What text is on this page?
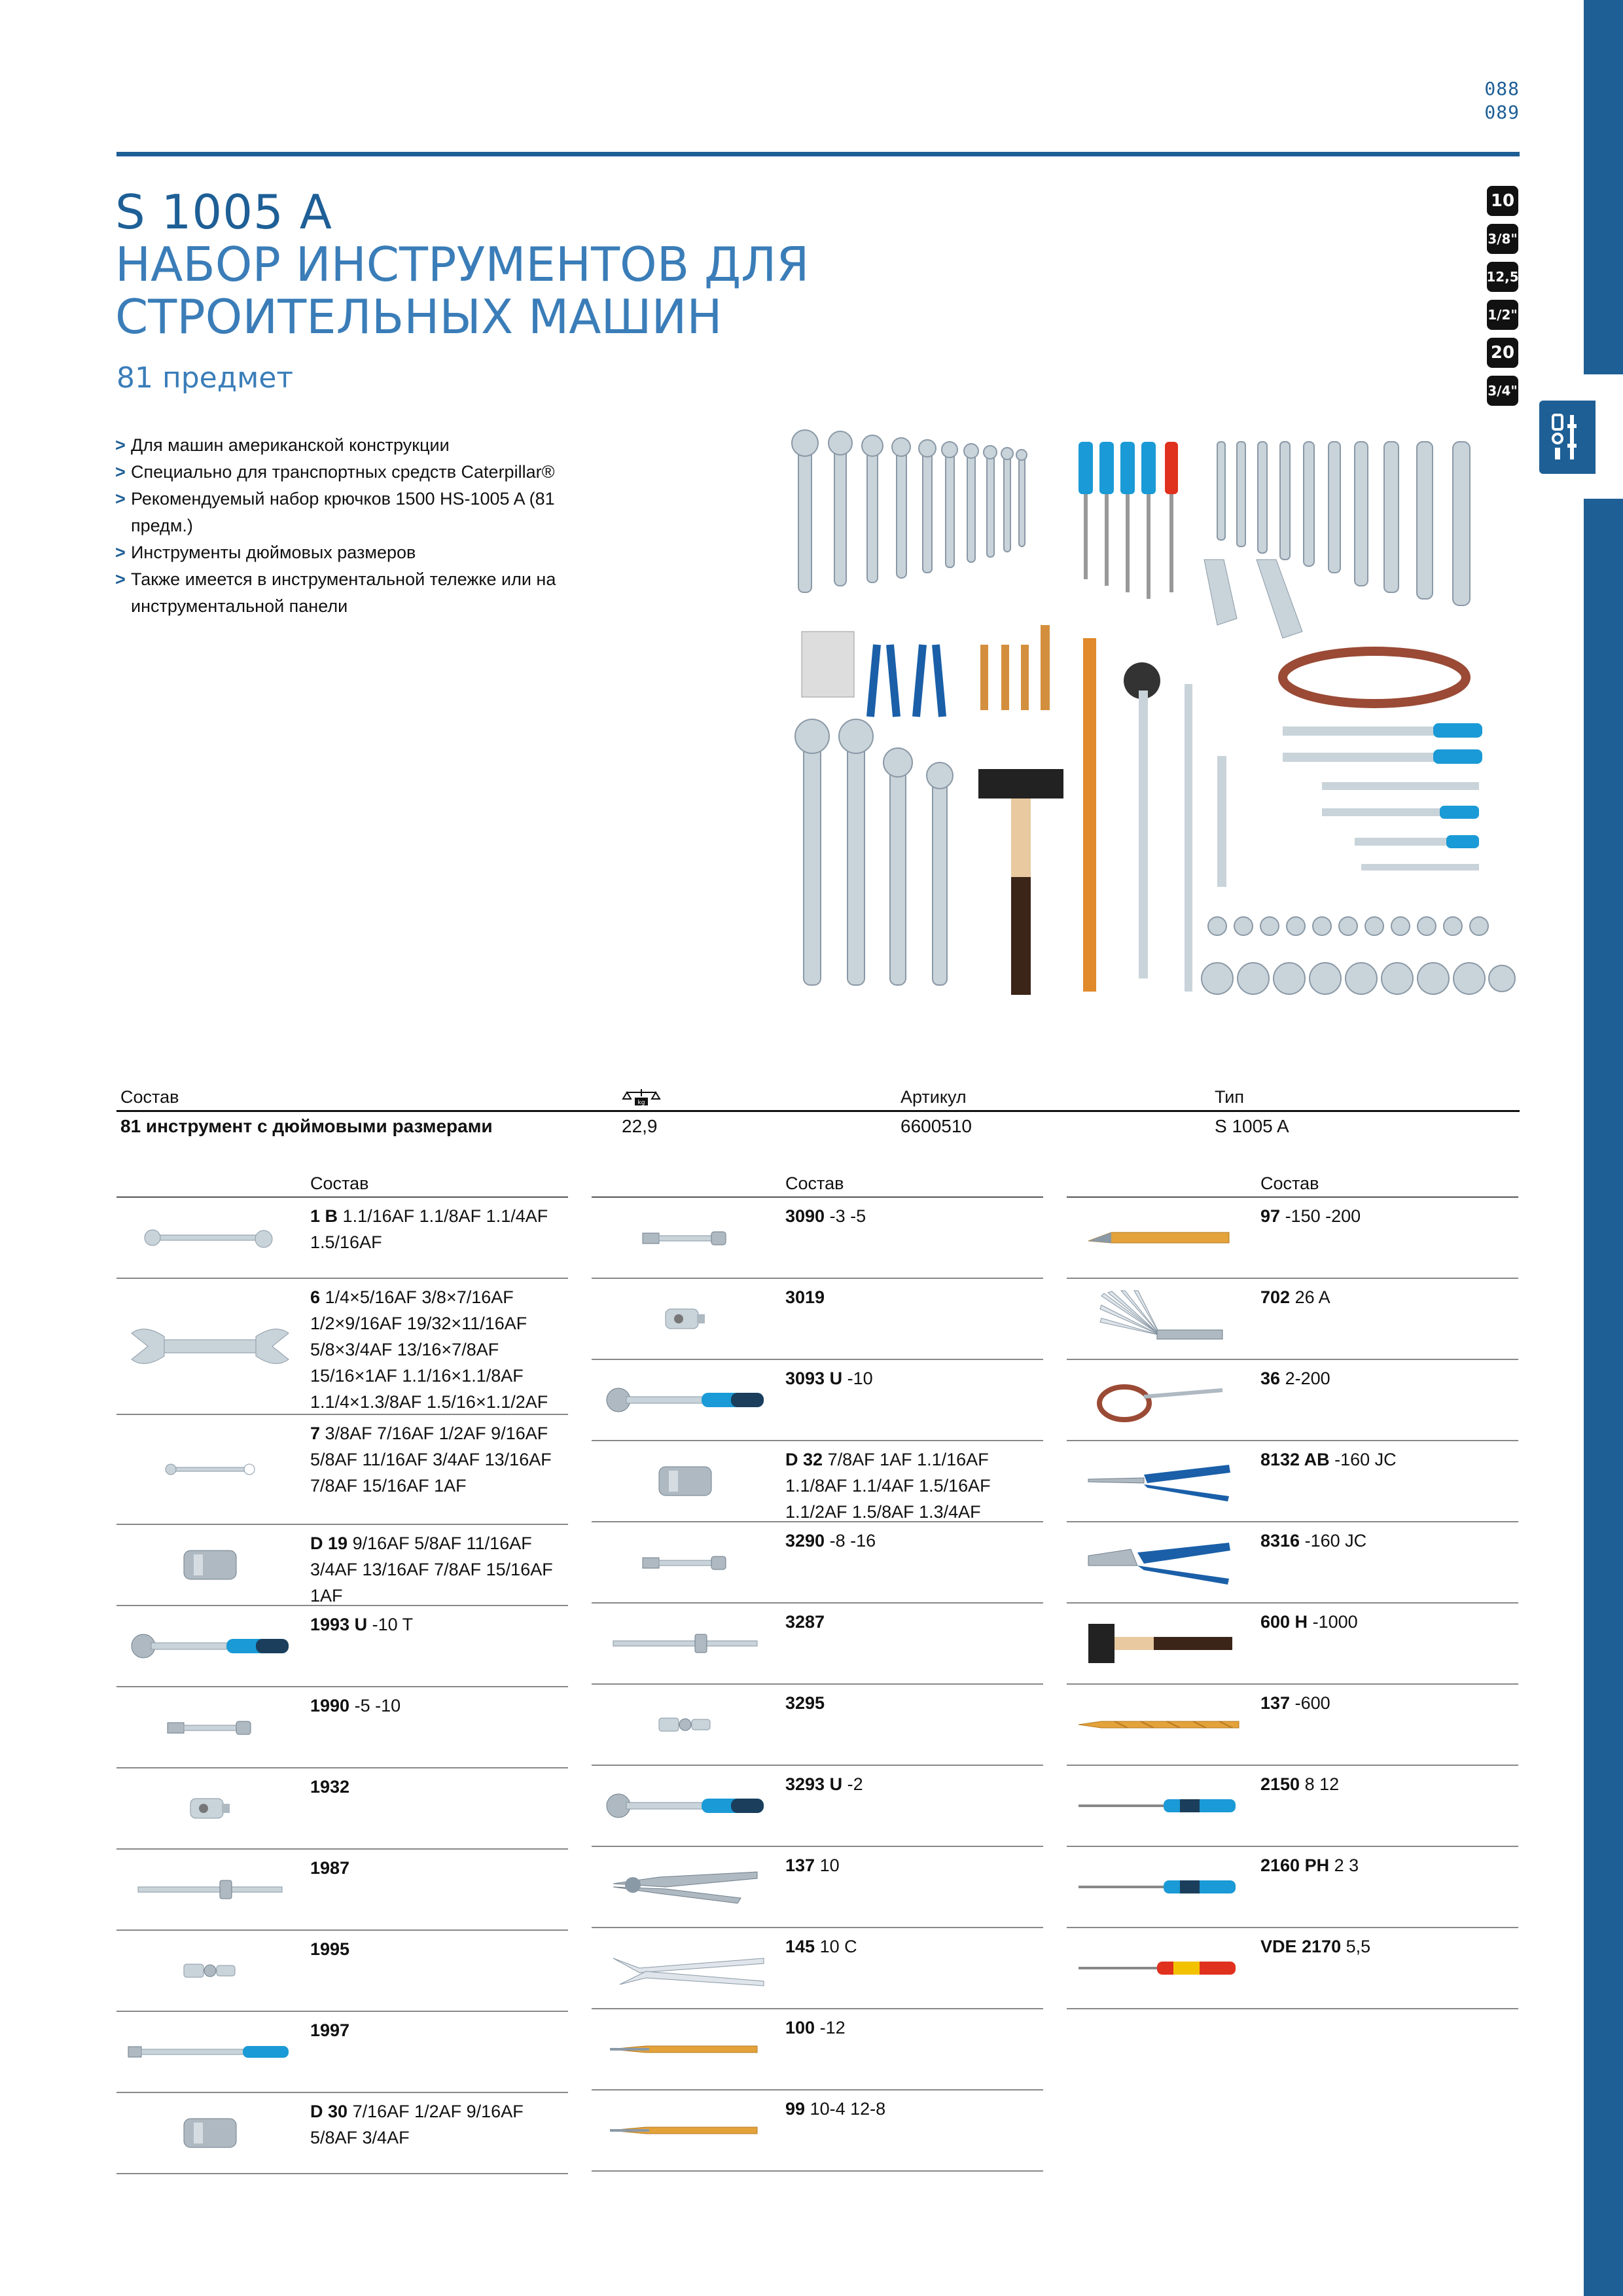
088
089
S 1005 A
НАБОР ИНСТРУМЕНТОВ ДЛЯ
СТРОИТЕЛЬНЫХ МАШИН
81 предмет
10
3/8"
12,5
1/2"
20
3/4"
> Для машин американской конструкции
> Специально для транспортных средств Caterpillar®
> Рекомендуемый набор крючков 1500 HS-1005 A (81 предм.)
> Инструменты дюймовых размеров
> Также имеется в инструментальной тележке или на инструментальной панели
Состав	kg	Артикул	Тип
81 инструмент с дюймовыми размерами	22,9	6600510	S 1005 A
Состав
1 B 1.1/16AF 1.1/8AF 1.1/4AF 1.5/16AF
6 1/4×5/16AF 3/8×7/16AF 1/2×9/16AF 19/32×11/16AF 5/8×3/4AF 13/16×7/8AF 15/16×1AF 1.1/16×1.1/8AF 1.1/4×1.3/8AF 1.5/16×1.1/2AF
7 3/8AF 7/16AF 1/2AF 9/16AF 5/8AF 11/16AF 3/4AF 13/16AF 7/8AF 15/16AF 1AF
D 19 9/16AF 5/8AF 11/16AF 3/4AF 13/16AF 7/8AF 15/16AF 1AF
1993 U -10 T
1990 -5 -10
1932
1987
1995
1997
D 30 7/16AF 1/2AF 9/16AF 5/8AF 3/4AF
Состав
3090 -3 -5
3019
3093 U -10
D 32 7/8AF 1AF 1.1/16AF 1.1/8AF 1.1/4AF 1.5/16AF 1.1/2AF 1.5/8AF 1.3/4AF
3290 -8 -16
3287
3295
3293 U -2
137 10
145 10 C
100 -12
99 10-4 12-8
Состав
97 -150 -200
702 26 A
36 2-200
8132 AB -160 JC
8316 -160 JC
600 H -1000
137 -600
2150 8 12
2160 PH 2 3
VDE 2170 5,5
